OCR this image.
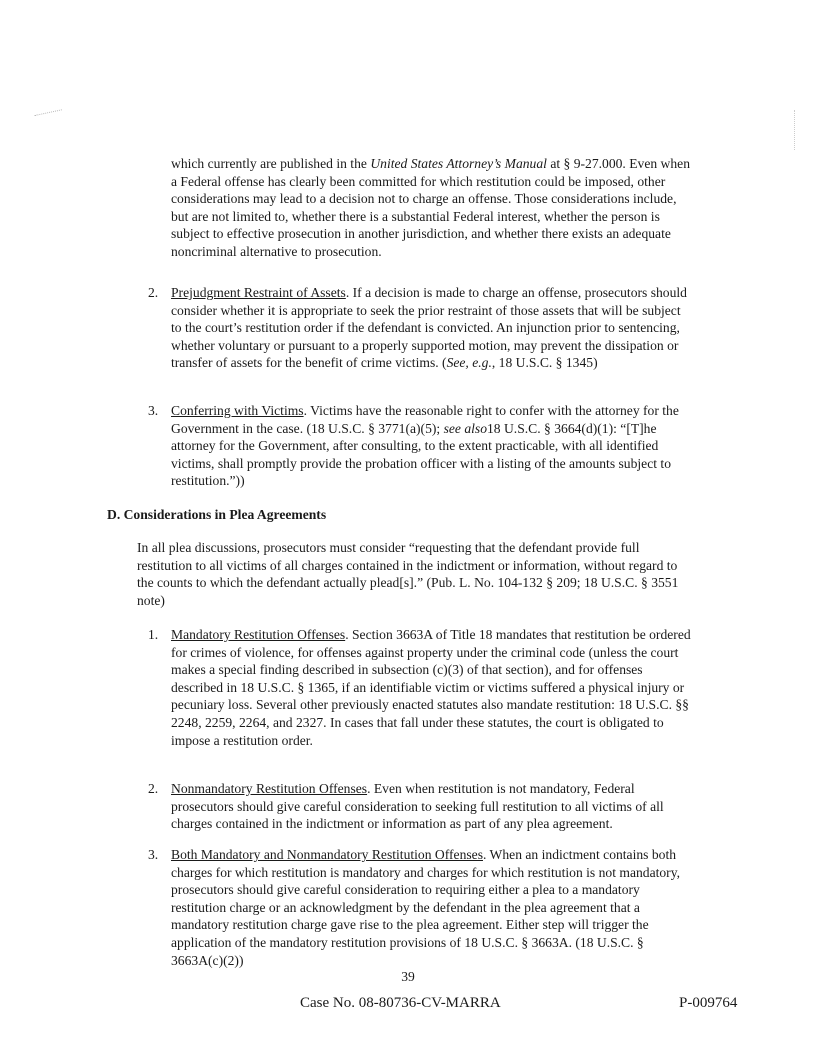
which currently are published in the United States Attorney’s Manual at § 9-27.000. Even when a Federal offense has clearly been committed for which restitution could be imposed, other considerations may lead to a decision not to charge an offense. Those considerations include, but are not limited to, whether there is a substantial Federal interest, whether the person is subject to effective prosecution in another jurisdiction, and whether there exists an adequate noncriminal alternative to prosecution.

2. Prejudgment Restraint of Assets. If a decision is made to charge an offense, prosecutors should consider whether it is appropriate to seek the prior restraint of those assets that will be subject to the court’s restitution order if the defendant is convicted. An injunction prior to sentencing, whether voluntary or pursuant to a properly supported motion, may prevent the dissipation or transfer of assets for the benefit of crime victims. (See, e.g., 18 U.S.C. § 1345)

3. Conferring with Victims. Victims have the reasonable right to confer with the attorney for the Government in the case. (18 U.S.C. § 3771(a)(5); see also18 U.S.C. § 3664(d)(1): “[T]he attorney for the Government, after consulting, to the extent practicable, with all identified victims, shall promptly provide the probation officer with a listing of the amounts subject to restitution.”))

D. Considerations in Plea Agreements

In all plea discussions, prosecutors must consider “requesting that the defendant provide full restitution to all victims of all charges contained in the indictment or information, without regard to the counts to which the defendant actually plead[s].” (Pub. L. No. 104-132 § 209; 18 U.S.C. § 3551 note)

1. Mandatory Restitution Offenses. Section 3663A of Title 18 mandates that restitution be ordered for crimes of violence, for offenses against property under the criminal code (unless the court makes a special finding described in subsection (c)(3) of that section), and for offenses described in 18 U.S.C. § 1365, if an identifiable victim or victims suffered a physical injury or pecuniary loss. Several other previously enacted statutes also mandate restitution: 18 U.S.C. §§ 2248, 2259, 2264, and 2327. In cases that fall under these statutes, the court is obligated to impose a restitution order.

2. Nonmandatory Restitution Offenses. Even when restitution is not mandatory, Federal prosecutors should give careful consideration to seeking full restitution to all victims of all charges contained in the indictment or information as part of any plea agreement.

3. Both Mandatory and Nonmandatory Restitution Offenses. When an indictment contains both charges for which restitution is mandatory and charges for which restitution is not mandatory, prosecutors should give careful consideration to requiring either a plea to a mandatory restitution charge or an acknowledgment by the defendant in the plea agreement that a mandatory restitution charge gave rise to the plea agreement. Either step will trigger the application of the mandatory restitution provisions of 18 U.S.C. § 3663A. (18 U.S.C. § 3663A(c)(2))

39
Case No. 08-80736-CV-MARRA	P-009764
